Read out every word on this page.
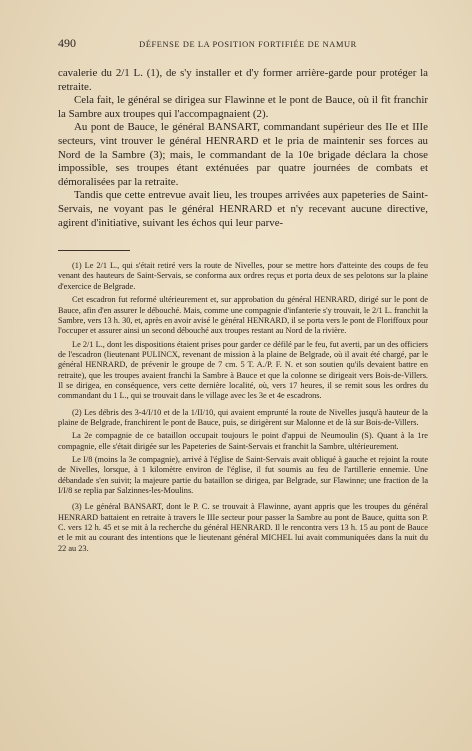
490	DÉFENSE DE LA POSITION FORTIFIÉE DE NAMUR

cavalerie du 2/1 L. (1), de s'y installer et d'y former arrière-garde pour protéger la retraite.

Cela fait, le général se dirigea sur Flawinne et le pont de Bauce, où il fit franchir la Sambre aux troupes qui l'accompagnaient (2).

Au pont de Bauce, le général BANSART, commandant supérieur des IIe et IIIe secteurs, vint trouver le général HENRARD et le pria de maintenir ses forces au Nord de la Sambre (3); mais, le commandant de la 10e brigade déclara la chose impossible, ses troupes étant exténuées par quatre journées de combats et démoralisées par la retraite.

Tandis que cette entrevue avait lieu, les troupes arrivées aux papeteries de Saint-Servais, ne voyant pas le général HENRARD et n'y recevant aucune directive, agirent d'initiative, suivant les échos qui leur parve-

(1) Le 2/1 L., qui s'était retiré vers la route de Nivelles, pour se mettre hors d'atteinte des coups de feu venant des hauteurs de Saint-Servais, se conforma aux ordres reçus et porta deux de ses pelotons sur la plaine d'exercice de Belgrade.

Cet escadron fut reformé ultérieurement et, sur approbation du général HENRARD, dirigé sur le pont de Bauce, afin d'en assurer le débouché. Mais, comme une compagnie d'infanterie s'y trouvait, le 2/1 L. franchit la Sambre, vers 13 h. 30, et, après en avoir avisé le général HENRARD, il se porta vers le pont de Floriffoux pour l'occuper et assurer ainsi un second débouché aux troupes restant au Nord de la rivière.

Le 2/1 L., dont les dispositions étaient prises pour garder ce défilé par le feu, fut averti, par un des officiers de l'escadron (lieutenant PULINCX, revenant de mission à la plaine de Belgrade, où il avait été chargé, par le général HENRARD, de prévenir le groupe de 7 cm. 5 T. A./P. F. N. et son soutien qu'ils devaient battre en retraite), que les troupes avaient franchi la Sambre à Bauce et que la colonne se dirigeait vers Bois-de-Villers. Il se dirigea, en conséquence, vers cette dernière localité, où, vers 17 heures, il se remit sous les ordres du commandant du 1 L., qui se trouvait dans le village avec les 3e et 4e escadrons.

(2) Les débris des 3-4/I/10 et de la 1/II/10, qui avaient emprunté la route de Nivelles jusqu'à hauteur de la plaine de Belgrade, franchirent le pont de Bauce, puis, se dirigèrent sur Malonne et de là sur Bois-de-Villers.

La 2e compagnie de ce bataillon occupait toujours le point d'appui de Neumoulin (S). Quant à la 1re compagnie, elle s'était dirigée sur les Papeteries de Saint-Servais et franchit la Sambre, ultérieurement.

Le I/8 (moins la 3e compagnie), arrivé à l'église de Saint-Servais avait obliqué à gauche et rejoint la route de Nivelles, lorsque, à 1 kilomètre environ de l'église, il fut soumis au feu de l'artillerie ennemie. Une débandade s'en suivit; la majeure partie du bataillon se dirigea, par Belgrade, sur Flawinne; une fraction de la I/I/8 se replia par Salzinnes-les-Moulins.

(3) Le général BANSART, dont le P. C. se trouvait à Flawinne, ayant appris que les troupes du général HENRARD battaient en retraite à travers le IIIe secteur pour passer la Sambre au pont de Bauce, quitta son P. C. vers 12 h. 45 et se mit à la recherche du général HENRARD. Il le rencontra vers 13 h. 15 au pont de Bauce et le mit au courant des intentions que le lieutenant général MICHEL lui avait communiquées dans la nuit du 22 au 23.
